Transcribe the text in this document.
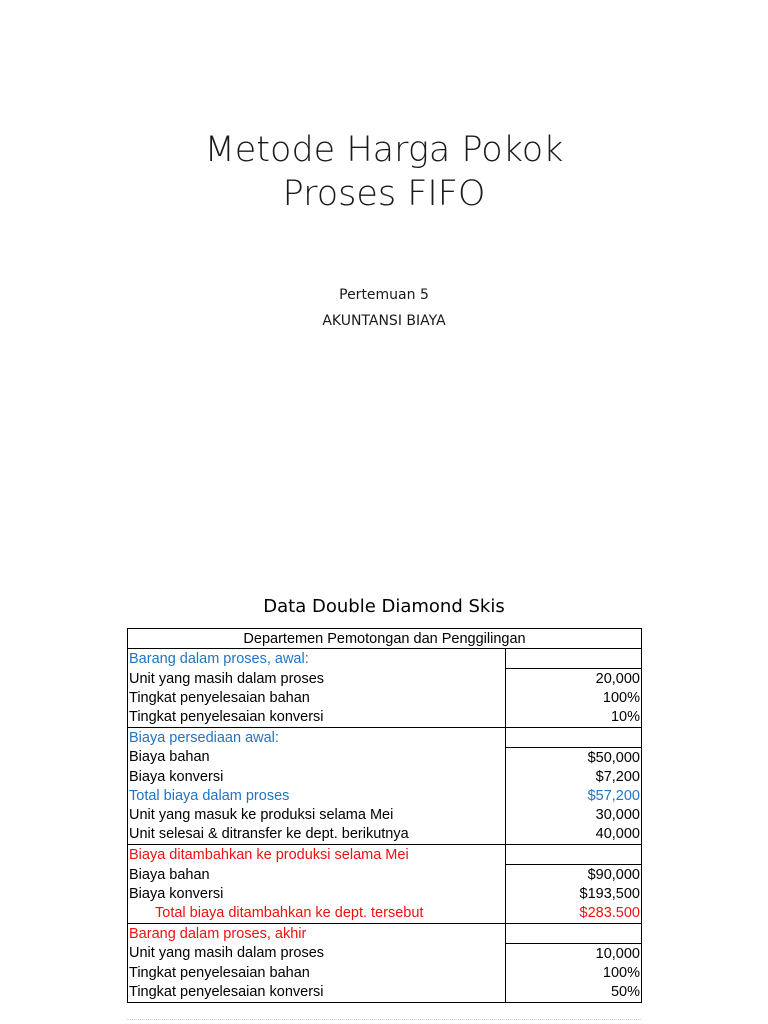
Metode Harga Pokok
Proses FIFO
Pertemuan 5
AKUNTANSI BIAYA
Data Double Diamond Skis
Departemen Pemotongan dan Penggilingan	
Barang dalam proses, awal:	
Unit yang masih dalam proses	20,000
Tingkat penyelesaian bahan	100%
Tingkat penyelesaian konversi	10%
Biaya persediaan awal:	
Biaya bahan	$50,000
Biaya konversi	$7,200
Total biaya dalam proses	$57,200
Unit yang masuk ke produksi selama Mei	30,000
Unit selesai & ditransfer ke dept. berikutnya	40,000
Biaya ditambahkan ke produksi selama Mei	
Biaya bahan	$90,000
Biaya konversi	$193,500
Total biaya ditambahkan ke dept. tersebut	$283.500
Barang dalam proses, akhir	
Unit yang masih dalam proses	10,000
Tingkat penyelesaian bahan	100%
Tingkat penyelesaian konversi	50%
